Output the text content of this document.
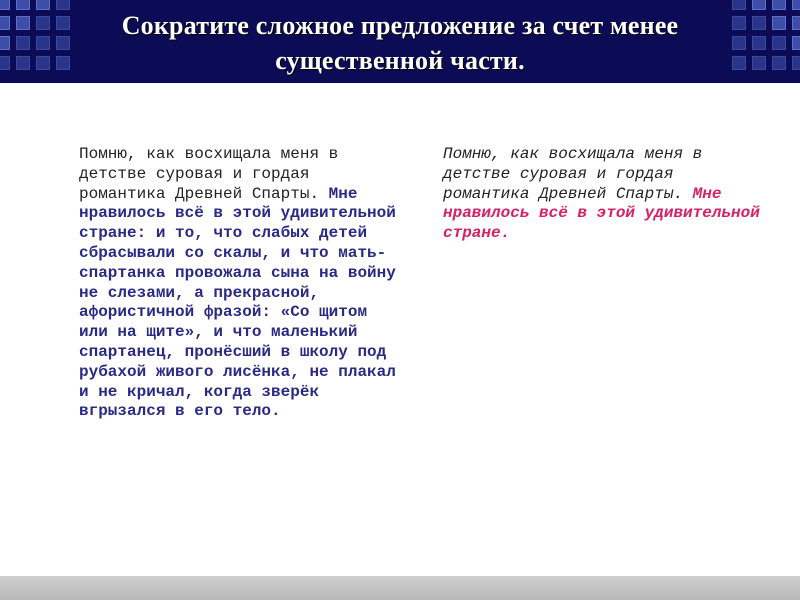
Сократите сложное предложение за счет менее существенной части.
Помню, как восхищала меня в детстве суровая и гордая романтика Древней Спарты. Мне нравилось всё в этой удивительной стране: и то, что слабых детей сбрасывали со скалы, и что мать-спартанка провожала сына на войну не слезами, а прекрасной, афористичной фразой: «Со щитом или на щите», и что маленький спартанец, пронёсший в школу под рубахой живого лисёнка, не плакал и не кричал, когда зверёк вгрызался в его тело.
Помню, как восхищала меня в детстве суровая и гордая романтика Древней Спарты. Мне нравилось всё в этой удивительной стране.
